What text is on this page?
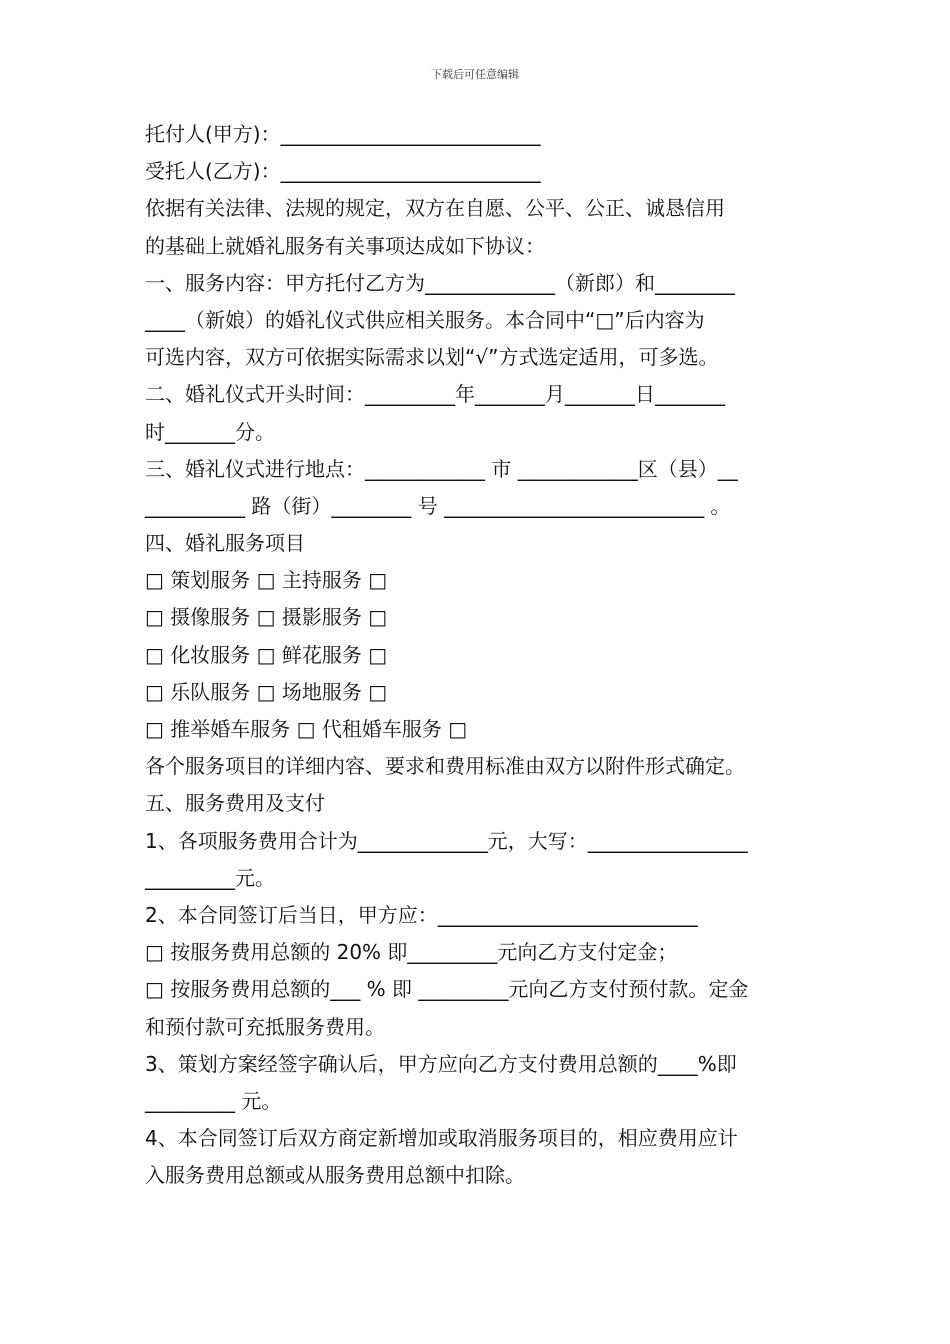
下载后可任意编辑
托付人(甲方)：__________________________
受托人(乙方)：__________________________
依据有关法律、法规的规定，双方在自愿、公平、公正、诚恳信用
的基础上就婚礼服务有关事项达成如下协议：
一、服务内容：甲方托付乙方为_____________（新郎）和________
____（新娘）的婚礼仪式供应相关服务。本合同中“□”后内容为
可选内容，双方可依据实际需求以划“√”方式选定适用，可多选。
二、婚礼仪式开头时间：_________年_______月_______日_______
时_______分。
三、婚礼仪式进行地点：____________ 市 ____________区（县）__
__________ 路（街）________ 号 __________________________ 。
四、婚礼服务项目
□ 策划服务 □ 主持服务 □
□ 摄像服务 □ 摄影服务 □
□ 化妆服务 □ 鲜花服务 □
□ 乐队服务 □ 场地服务 □
□ 推举婚车服务 □ 代租婚车服务 □
各个服务项目的详细内容、要求和费用标准由双方以附件形式确定。
五、服务费用及支付
1、各项服务费用合计为_____________元，大写：________________
_________元。
2、本合同签订后当日，甲方应：__________________________
□ 按服务费用总额的 20% 即_________元向乙方支付定金；
□ 按服务费用总额的___ % 即 _________元向乙方支付预付款。定金
和预付款可充抵服务费用。
3、策划方案经签字确认后，甲方应向乙方支付费用总额的____%即
_________ 元。
4、本合同签订后双方商定新增加或取消服务项目的，相应费用应计
入服务费用总额或从服务费用总额中扣除。
